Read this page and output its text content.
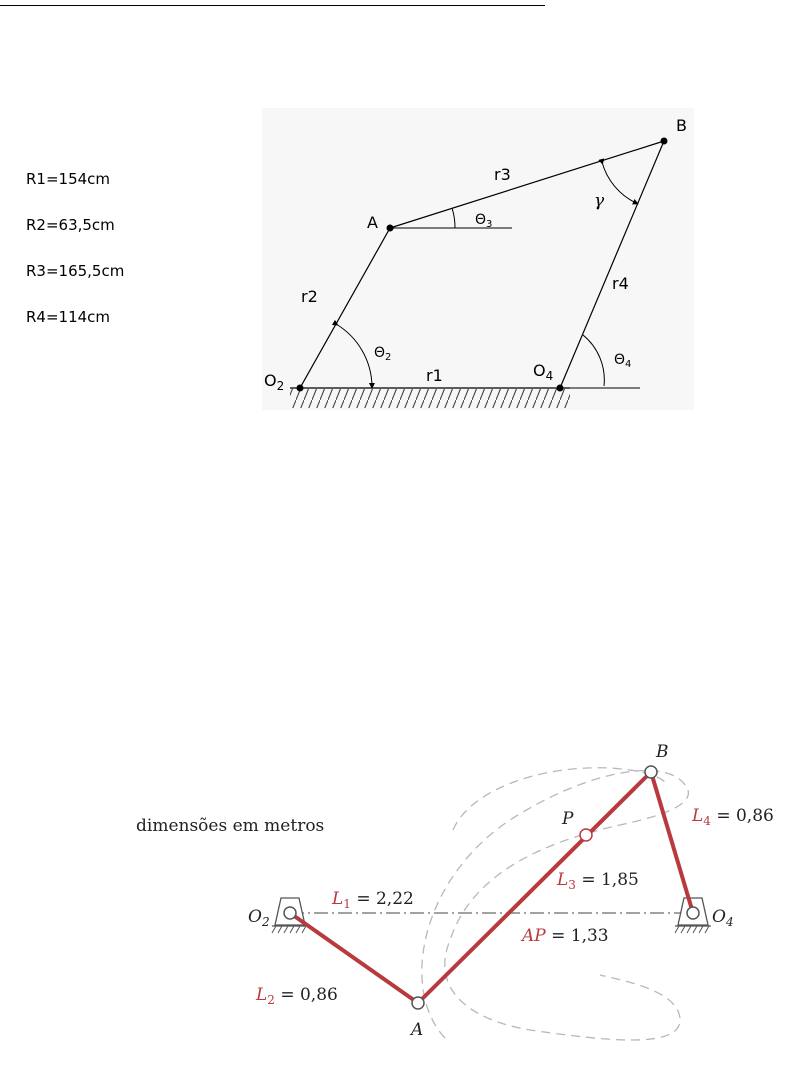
R1=154cm
R2=63,5cm
R3=165,5cm
R4=114cm
$O_2$
$O_4$
A
B
r1
r2
r3
r4
$\Theta_2$
$\Theta_3$
$\Theta_4$
γ
dimensões em metros
$O_2$	$O_4$
A
B
P
$L_1 = 2,22$
$L_2 = 0,86$
$L_3 = 1,85$
$L_4 = 0,86$
AP = 1,33
